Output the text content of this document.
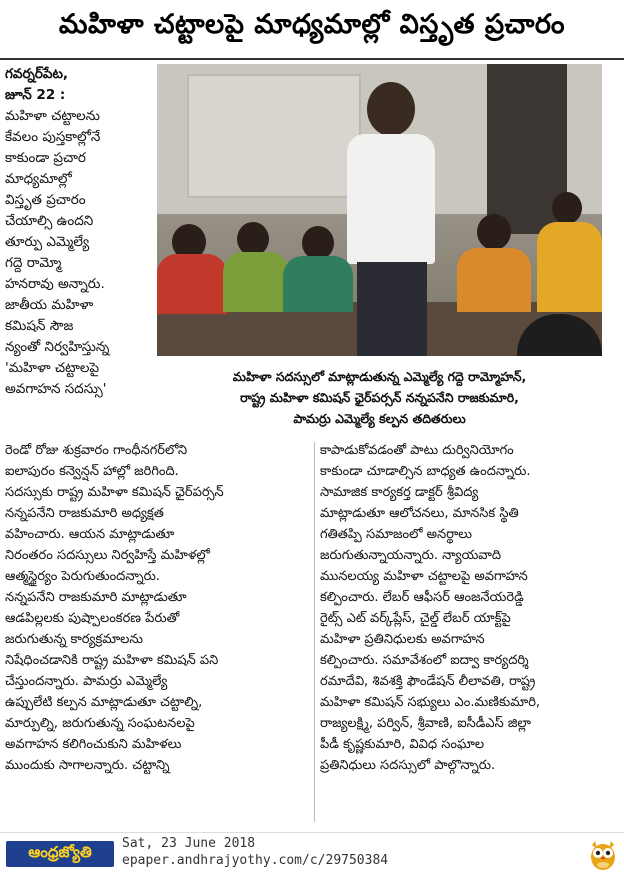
మహిళా చట్టాలపై మాధ్యమాల్లో విస్తృత ప్రచారం
గవర్నర్‌పేట,
జూన్ 22 :
మహిళా చట్టాలను
కేవలం పుస్తకాల్లోనే
కాకుండా ప్రచార
మాధ్యమాల్లో
విస్తృత ప్రచారం
చేయాల్సి ఉందని
తూర్పు ఎమ్మెల్యే
గద్దె రామ్మో
హనరావు అన్నారు.
జాతీయ మహిళా
కమిషన్ సౌజ
న్యంతో నిర్వహిస్తున్న
'మహిళా చట్టాలపై
అవగాహన సదస్సు'
మహిళా సదస్సులో మాట్లాడుతున్న ఎమ్మెల్యే గద్దె రామ్మోహన్,
రాష్ట్ర మహిళా కమిషన్ ఛైర్‌పర్సన్ నన్నపనేని రాజకుమారి,
పామర్రు ఎమ్మెల్యే కల్పన తదితరులు
రెండో రోజు శుక్రవారం గాంధీనగర్‌లోని
ఐలాపురం కన్వెన్షన్ హాల్లో జరిగింది.
సదస్సుకు రాష్ట్ర మహిళా కమిషన్ ఛైర్‌పర్సన్
నన్నపనేని రాజకుమారి అధ్యక్షత
వహించారు. ఆయన మాట్లాడుతూ
నిరంతరం సదస్సులు నిర్వహిస్తే మహిళల్లో
ఆత్మస్థైర్యం పెరుగుతుందన్నారు.
నన్నపనేని రాజకుమారి మాట్లాడుతూ
ఆడపిల్లలకు పుష్పాలంకరణ పేరుతో
జరుగుతున్న కార్యక్రమాలను
నిషేధించడానికి రాష్ట్ర మహిళా కమిషన్ పని
చేస్తుందన్నారు. పామర్రు ఎమ్మెల్యే
ఉప్పులేటి కల్పన మాట్లాడుతూ చట్టాల్ని,
మార్పుల్ని, జరుగుతున్న సంఘటనలపై
అవగాహన కలిగించుకుని మహిళలు
ముందుకు సాగాలన్నారు. చట్టాన్ని
కాపాడుకోవడంతో పాటు దుర్వినియోగం
కాకుండా చూడాల్సిన బాధ్యత ఉందన్నారు.
సామాజిక కార్యకర్త డాక్టర్ శ్రీవిద్య
మాట్లాడుతూ ఆలోచనలు, మానసిక స్థితి
గతితప్పి సమాజంలో అనర్థాలు
జరుగుతున్నాయన్నారు. న్యాయవాది
మునలయ్య మహిళా చట్టాలపై అవగాహన
కల్పించారు. లేబర్ ఆఫీసర్ ఆంజనేయరెడ్డి
రైట్స్ ఎట్ వర్క్‌ప్లేస్, చైల్డ్ లేబర్ యాక్ట్‌పై
మహిళా ప్రతినిధులకు అవగాహన
కల్పించారు. సమావేశంలో ఐద్వా కార్యదర్శి
రమాదేవి, శివశక్తి ఫౌండేషన్ లీలావతి, రాష్ట్ర
మహిళా కమిషన్ సభ్యులు ఎం.మణికుమారి,
రాజ్యలక్ష్మి, పర్విన్, శ్రీవాణి, ఐసీడీఎస్ జిల్లా
పీడీ కృష్ణకుమారి, వివిధ సంఘాల
ప్రతినిధులు సదస్సులో పాల్గొన్నారు.
ఆంధ్రజ్యోతి	Sat, 23 June 2018
epaper.andhrajyothy.com/c/29750384
